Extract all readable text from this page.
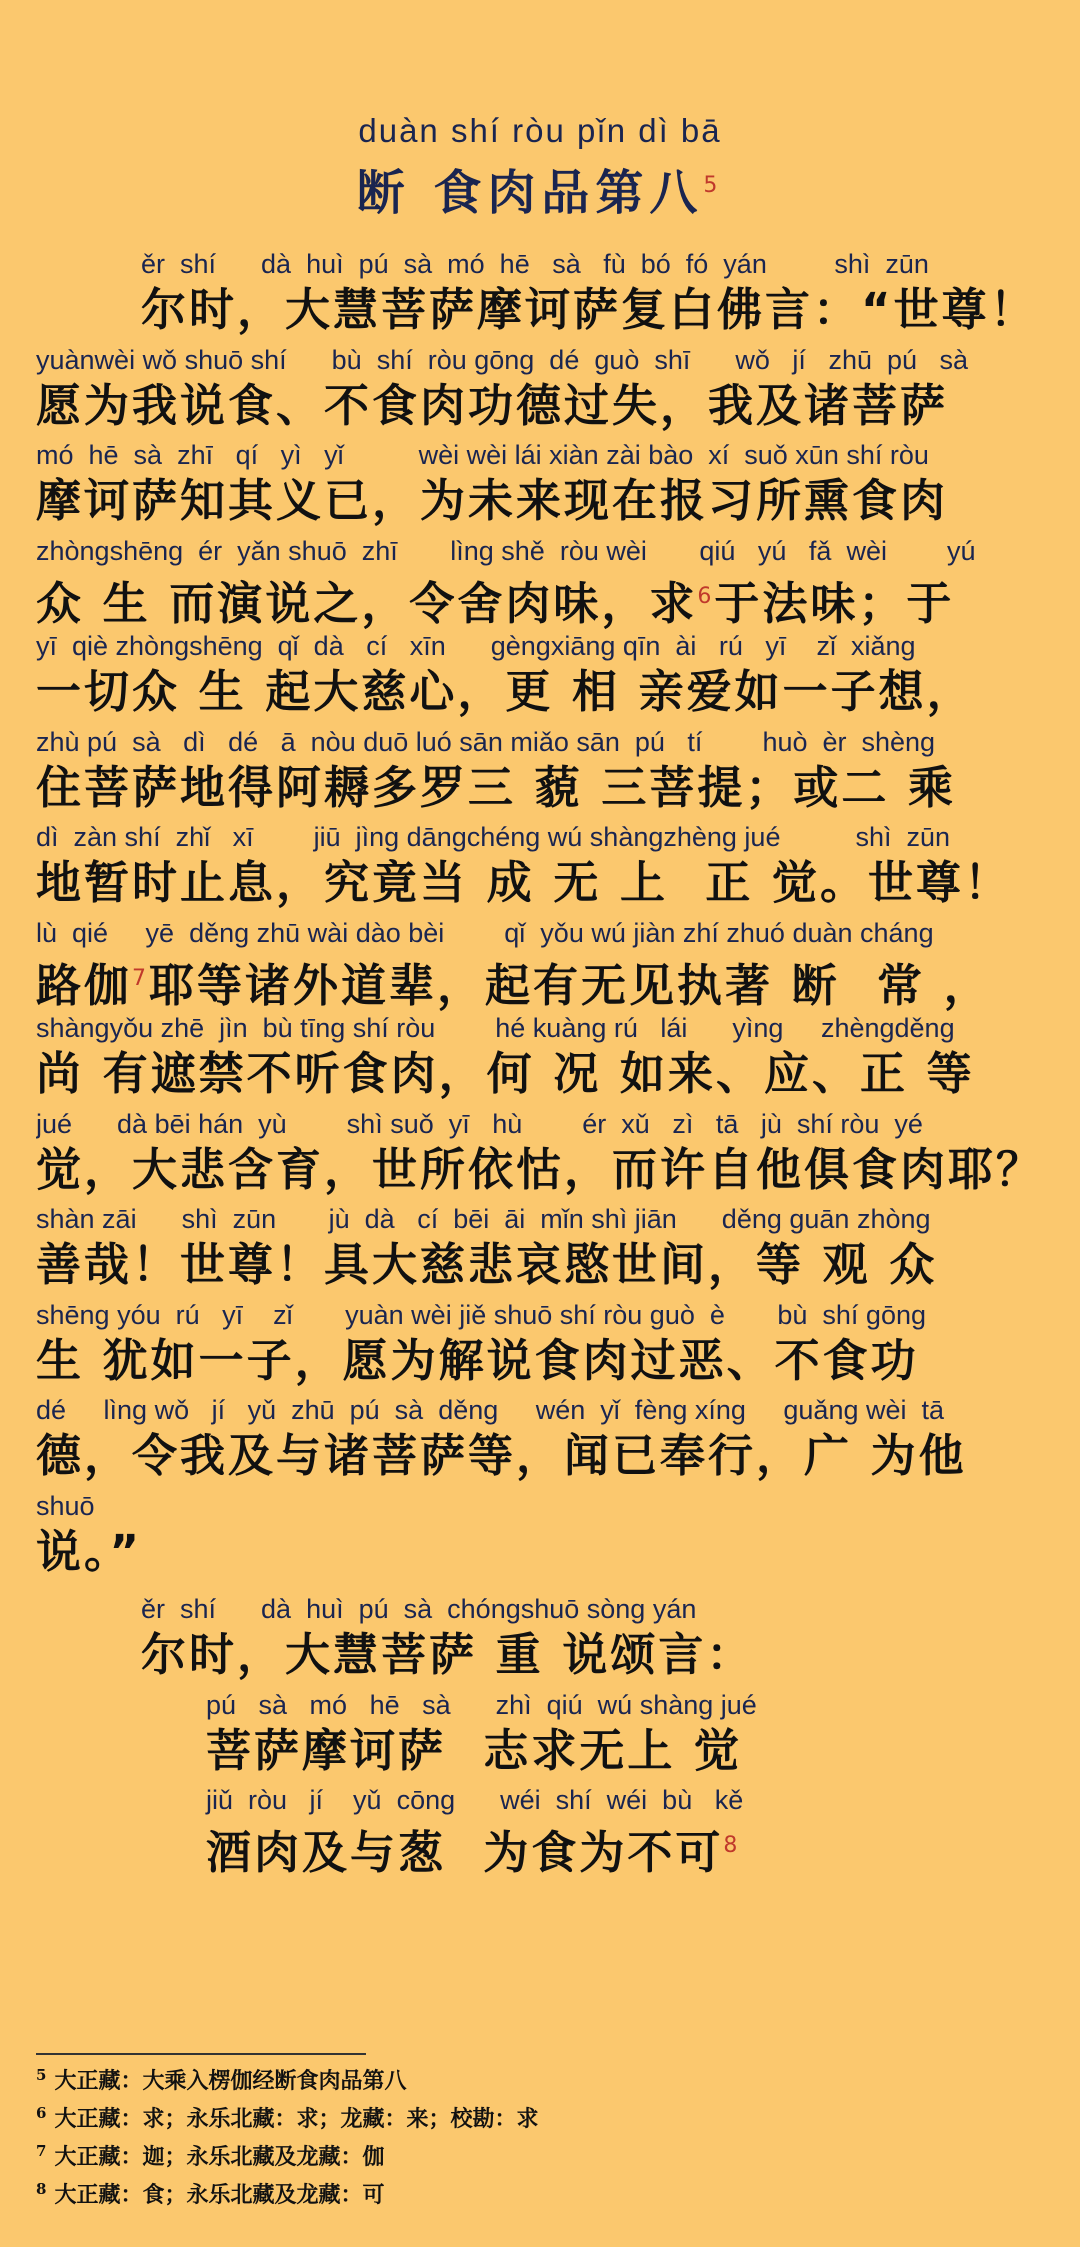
duàn shí ròu pǐn dì bā
断 食肉品第八$^5$
ěr  shí      dà  huì  pú  sà  mó  hē   sà   fù  bó  fó  yán         shì  zūn
尔时，大慧菩萨摩诃萨复白佛言：“世尊！
yuànwèi wǒ shuō shí      bù  shí  ròu gōng  dé  guò  shī      wǒ   jí   zhū  pú   sà
愿为我说食、不食肉功德过失，我及诸菩萨
mó  hē  sà  zhī   qí   yì   yǐ          wèi wèi lái xiàn zài bào  xí  suǒ xūn shí ròu
摩诃萨知其义已，为未来现在报习所熏食肉
zhòngshēng  ér  yǎn shuō  zhī       lìng shě  ròu wèi       qiú   yú   fǎ  wèi        yú
众 生 而演说之，令舍肉味，求$^6$于法味；于
yī  qiè zhòngshēng  qǐ  dà   cí   xīn      gèngxiāng qīn  ài   rú   yī    zǐ  xiǎng
一切众 生 起大慈心，更 相 亲爱如一子想，
zhù pú  sà   dì   dé   ā  nòu duō luó sān miǎo sān  pú   tí        huò  èr  shèng
住菩萨地得阿耨多罗三 藐 三菩提；或二 乘
dì  zàn shí  zhǐ   xī        jiū  jìng dāngchéng wú shàngzhèng jué          shì  zūn
地暂时止息，究竟当 成 无 上  正 觉。世尊！
lù  qié     yē  děng zhū wài dào bèi        qǐ  yǒu wú jiàn zhí zhuó duàn cháng
路伽$^7$耶等诸外道辈，起有无见执著 断  常 ，
shàngyǒu zhē  jìn  bù tīng shí ròu        hé kuàng rú   lái      yìng     zhèngděng
尚 有遮禁不听食肉，何 况 如来、应、正 等
jué      dà bēi hán  yù        shì suǒ  yī   hù        ér  xǔ   zì   tā   jù  shí ròu  yé
觉，大悲含育，世所依怙，而许自他俱食肉耶？
shàn zāi      shì  zūn       jù  dà   cí  bēi  āi  mǐn shì jiān      děng guān zhòng
善哉！世尊！具大慈悲哀愍世间，等 观 众
shēng yóu  rú   yī    zǐ       yuàn wèi jiě shuō shí ròu guò  è       bù  shí gōng
生 犹如一子，愿为解说食肉过恶、不食功
dé     lìng wǒ   jí   yǔ  zhū  pú  sà  děng     wén  yǐ  fèng xíng     guǎng wèi  tā
德，令我及与诸菩萨等，闻已奉行，广 为他
shuō
说。”
ěr  shí      dà  huì  pú  sà  chóngshuō sòng yán
尔时，大慧菩萨 重 说颂言：
pú   sà   mó   hē   sà      zhì  qiú  wú shàng jué
菩萨摩诃萨  志求无上 觉
jiǔ  ròu   jí    yǔ  cōng      wéi  shí  wéi  bù   kě
酒肉及与葱  为食为不可$^8$
$^5$ 大正藏：大乘入楞伽经断食肉品第八
$^6$ 大正藏：求；永乐北藏：求；龙藏：来；校勘：求
$^7$ 大正藏：迦；永乐北藏及龙藏：伽
$^8$ 大正藏：食；永乐北藏及龙藏：可
